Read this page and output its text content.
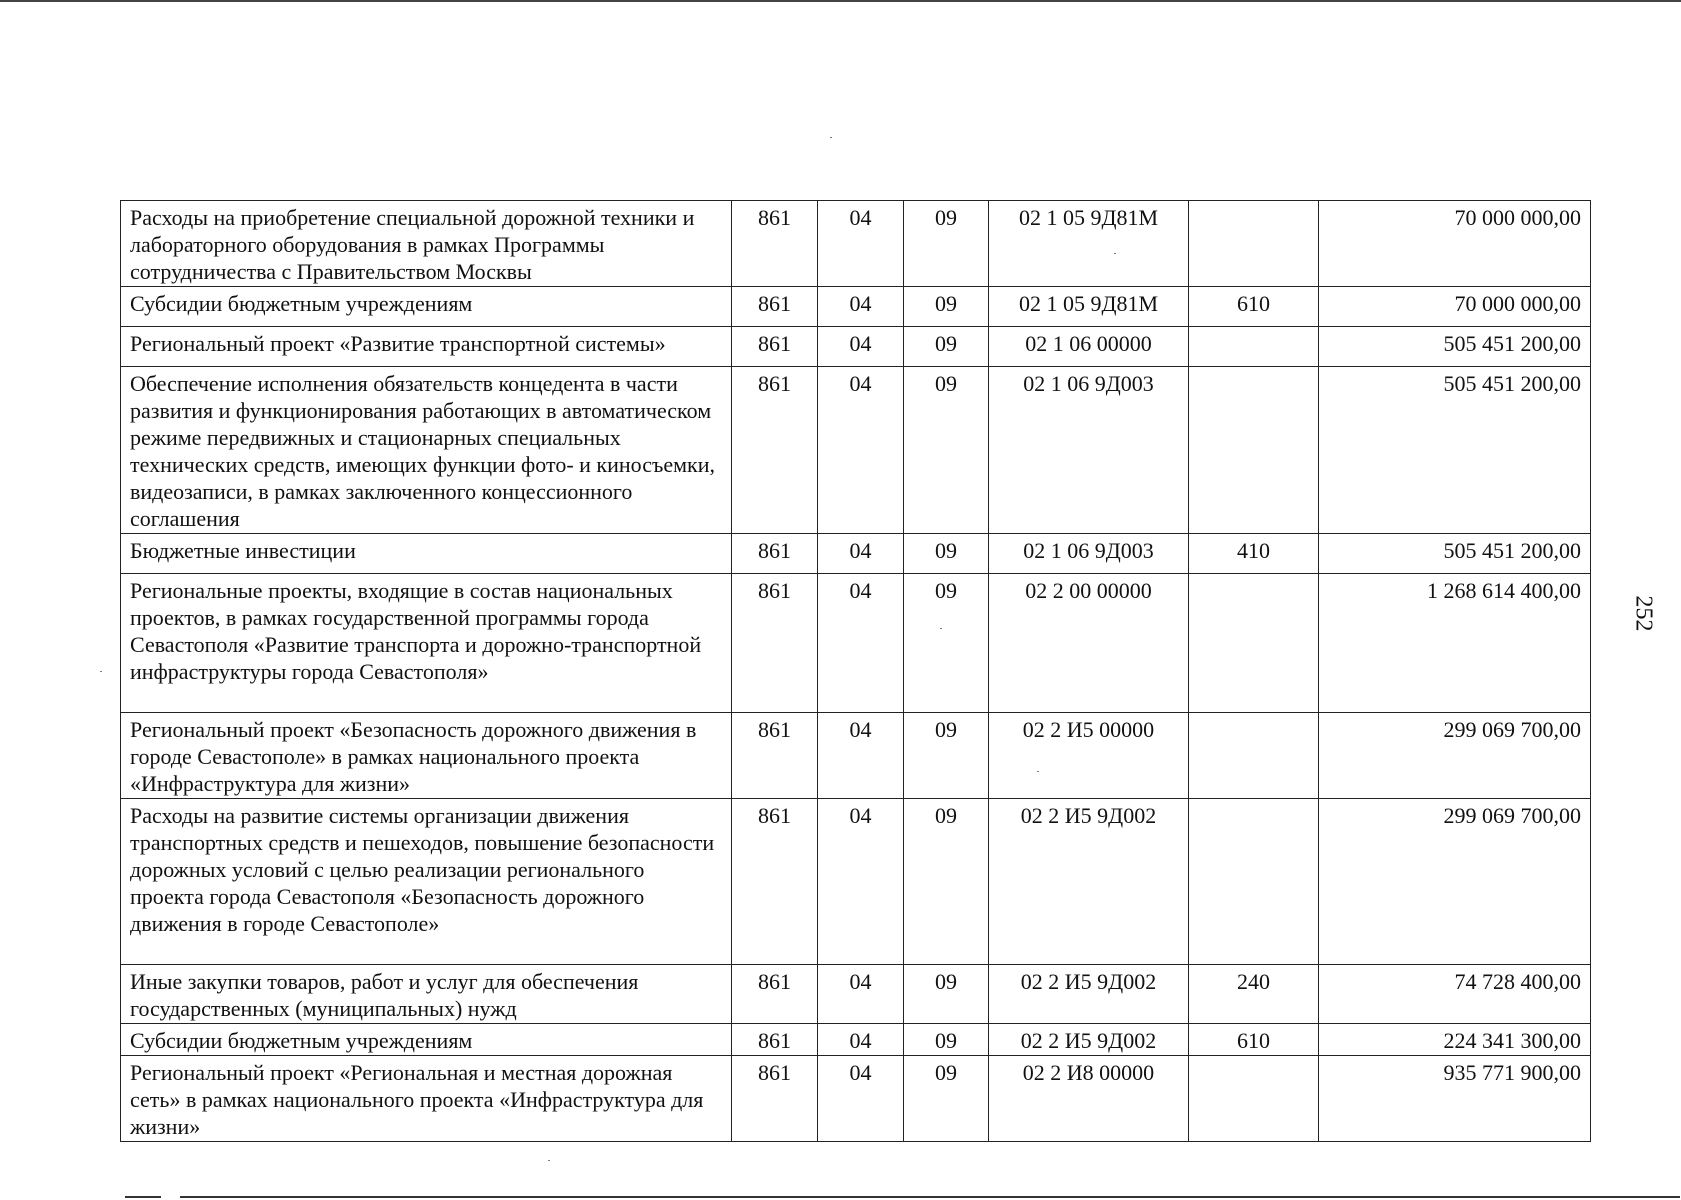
Расходы на приобретение специальной дорожной техники и лабораторного оборудования в рамках Программы сотрудничества с Правительством Москвы	861	04	09	02 1 05 9Д81М		70 000 000,00
Субсидии бюджетным учреждениям	861	04	09	02 1 05 9Д81М	610	70 000 000,00
Региональный проект «Развитие транспортной системы»	861	04	09	02 1 06 00000		505 451 200,00
Обеспечение исполнения обязательств концедента в части развития и функционирования работающих в автоматическом режиме передвижных и стационарных специальных технических средств, имеющих функции фото- и киносъемки, видеозаписи, в рамках заключенного концессионного соглашения	861	04	09	02 1 06 9Д003		505 451 200,00
Бюджетные инвестиции	861	04	09	02 1 06 9Д003	410	505 451 200,00
Региональные проекты, входящие в состав национальных проектов, в рамках государственной программы города Севастополя «Развитие транспорта и дорожно-транспортной инфраструктуры города Севастополя»	861	04	09	02 2 00 00000		1 268 614 400,00
Региональный проект «Безопасность дорожного движения в городе Севастополе» в рамках национального проекта «Инфраструктура для жизни»	861	04	09	02 2 И5 00000		299 069 700,00
Расходы на развитие системы организации движения транспортных средств и пешеходов, повышение безопасности дорожных условий с целью реализации регионального проекта города Севастополя «Безопасность дорожного движения в городе Севастополе»	861	04	09	02 2 И5 9Д002		299 069 700,00
Иные закупки товаров, работ и услуг для обеспечения государственных (муниципальных) нужд	861	04	09	02 2 И5 9Д002	240	74 728 400,00
Субсидии бюджетным учреждениям	861	04	09	02 2 И5 9Д002	610	224 341 300,00
Региональный проект «Региональная и местная дорожная сеть» в рамках национального проекта «Инфраструктура для жизни»	861	04	09	02 2 И8 00000		935 771 900,00
252
